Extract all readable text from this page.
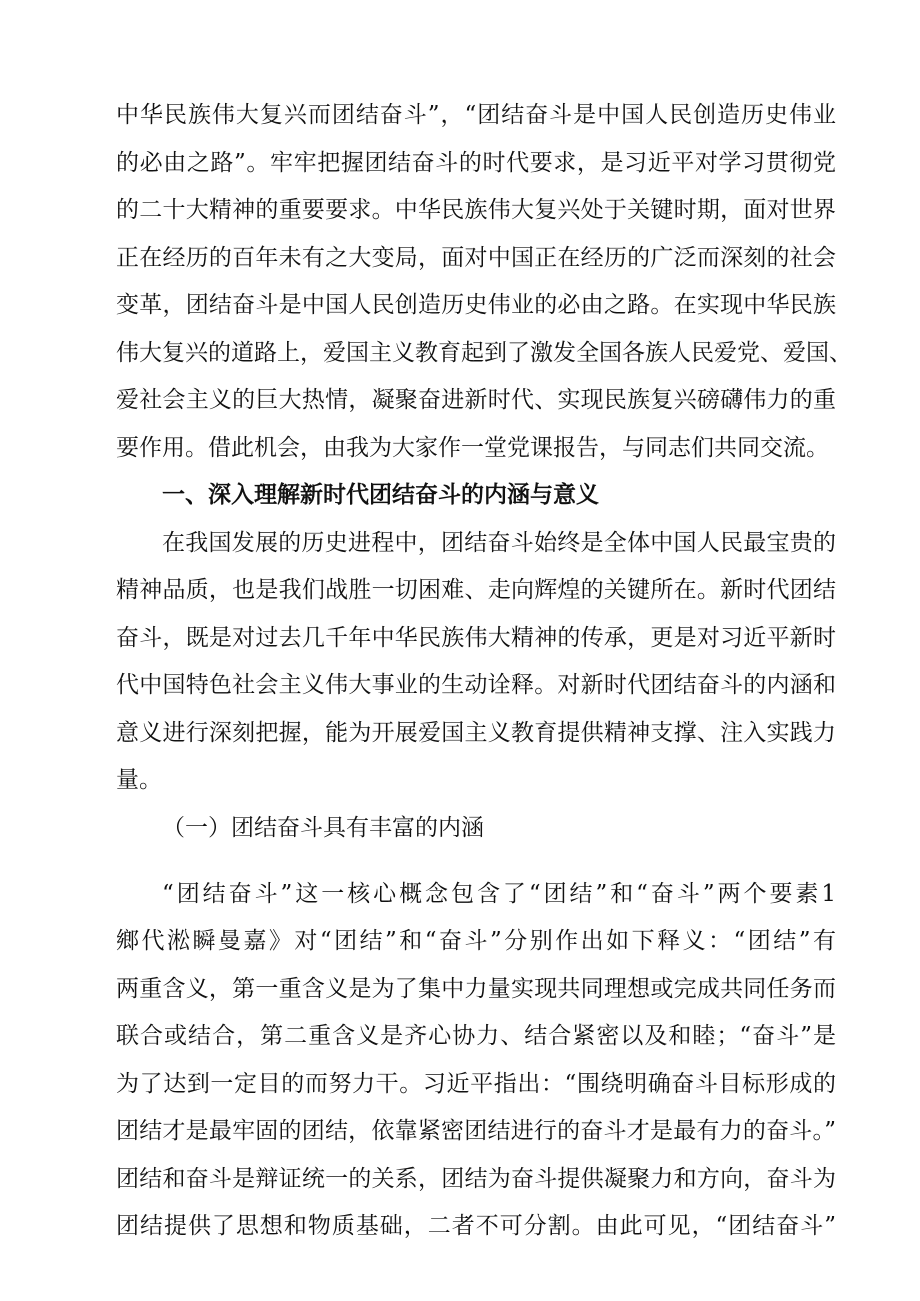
中华民族伟大复兴而团结奋斗”，“团结奋斗是中国人民创造历史伟业
的必由之路”。牢牢把握团结奋斗的时代要求，是习近平对学习贯彻党
的二十大精神的重要要求。中华民族伟大复兴处于关键时期，面对世界
正在经历的百年未有之大变局，面对中国正在经历的广泛而深刻的社会
变革，团结奋斗是中国人民创造历史伟业的必由之路。在实现中华民族
伟大复兴的道路上，爱国主义教育起到了激发全国各族人民爱党、爱国、
爱社会主义的巨大热情，凝聚奋进新时代、实现民族复兴磅礴伟力的重
要作用。借此机会，由我为大家作一堂党课报告，与同志们共同交流。
一、深入理解新时代团结奋斗的内涵与意义
在我国发展的历史进程中，团结奋斗始终是全体中国人民最宝贵的
精神品质，也是我们战胜一切困难、走向辉煌的关键所在。新时代团结
奋斗，既是对过去几千年中华民族伟大精神的传承，更是对习近平新时
代中国特色社会主义伟大事业的生动诠释。对新时代团结奋斗的内涵和
意义进行深刻把握，能为开展爱国主义教育提供精神支撑、注入实践力
量。
（一）团结奋斗具有丰富的内涵
“团结奋斗”这一核心概念包含了“团结”和“奋斗”两个要素1
鄉代淞瞬曼嘉》对“团结”和“奋斗”分别作出如下释义：“团结”有
两重含义，第一重含义是为了集中力量实现共同理想或完成共同任务而
联合或结合，第二重含义是齐心协力、结合紧密以及和睦；“奋斗”是
为了达到一定目的而努力干。习近平指出：“围绕明确奋斗目标形成的
团结才是最牢固的团结，依靠紧密团结进行的奋斗才是最有力的奋斗。”
团结和奋斗是辩证统一的关系，团结为奋斗提供凝聚力和方向，奋斗为
团结提供了思想和物质基础，二者不可分割。由此可见，“团结奋斗”
